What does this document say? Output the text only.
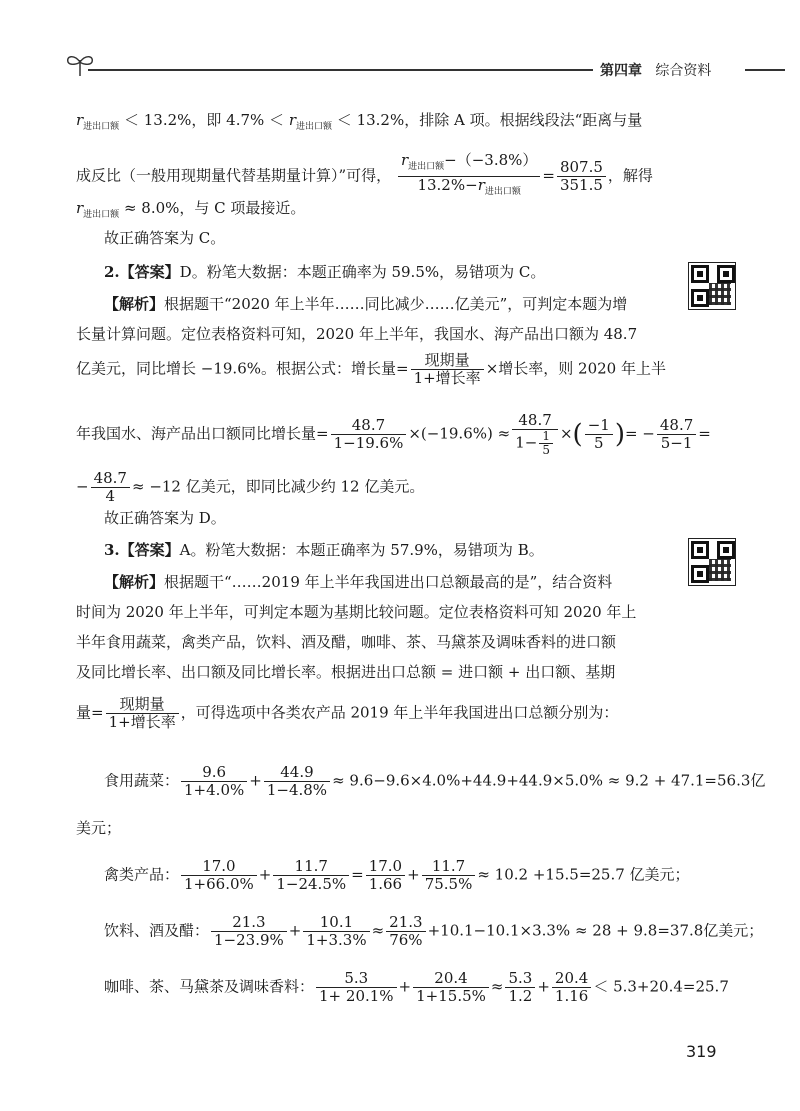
第四章 综合资料
$r_{进出口额} < 13.2\%$，即 $4.7\% < r_{进出口额} < 13.2\%$，排除 A 项。根据线段法“距离与量
成反比（一般用现期量代替基期量计算）”可得， $\frac{r_{进出口额}-(-3.8\%)}{13.2\%-r_{进出口额}} = \frac{807.5}{351.5}$ ，解得
$r_{进出口额} \approx 8.0\%$，与 C 项最接近。
故正确答案为 C。
2.【答案】D。粉笔大数据：本题正确率为 59.5%，易错项为 C。
【解析】根据题干“2020 年上半年……同比减少……亿美元”，可判定本题为增
长量计算问题。定位表格资料可知，2020 年上半年，我国水、海产品出口额为 48.7
亿美元，同比增长 −19.6%。根据公式：增长量= $\frac{\text{现期量}}{\text{1+增长率}}$ ×增长率，则 2020 年上半
年我国水、海产品出口额同比增长量= $\frac{48.7}{1-19.6\%} \times(-19.6\%) \approx \frac{48.7}{1- \frac{1}{5}}$ ×( $\frac{-1}{5}$ )= − $\frac{48.7}{5-1}$ =
− $\frac{48.7}{4} \approx -12$ 亿美元，即同比减少约 12 亿美元。
故正确答案为 D。
3.【答案】A。粉笔大数据：本题正确率为 57.9%，易错项为 B。
【解析】根据题干“……2019 年上半年我国进出口总额最高的是”，结合资料
时间为 2020 年上半年，可判定本题为基期比较问题。定位表格资料可知 2020 年上
半年食用蔬菜，禽类产品，饮料、酒及醋，咖啡、茶、马黛茶及调味香料的进口额
及同比增长率、出口额及同比增长率。根据进出口总额 = 进口额 + 出口额、基期
量= $\frac{\text{现期量}}{\text{1+增长率}}$ ，可得选项中各类农产品 2019 年上半年我国进出口总额分别为：
食用蔬菜： $\frac{9.6}{1+4.0\%} + \frac{44.9}{1-4.8\%} \approx 9.6-9.6\times 4.0\%+44.9+44.9\times 5.0\% \approx 9.2 + 47.1=56.3$亿
美元；
禽类产品： $\frac{17.0}{1+66.0\%} + \frac{11.7}{1-24.5\%} = \frac{17.0}{1.66} + \frac{11.7}{75.5\%} \approx 10.2 +15.5=25.7$ 亿美元；
饮料、酒及醋： $\frac{21.3}{1-23.9\%} + \frac{10.1}{1+3.3\%} \approx \frac{21.3}{76\%} +10.1-10.1\times 3.3\% \approx 28 + 9.8=37.8$亿美元；
咖啡、茶、马黛茶及调味香料： $\frac{5.3}{1+ 20.1\%} + \frac{20.4}{1+15.5\%} \approx \frac{5.3}{1.2} + \frac{20.4}{1.16} < 5.3+20.4=25.7$
319
